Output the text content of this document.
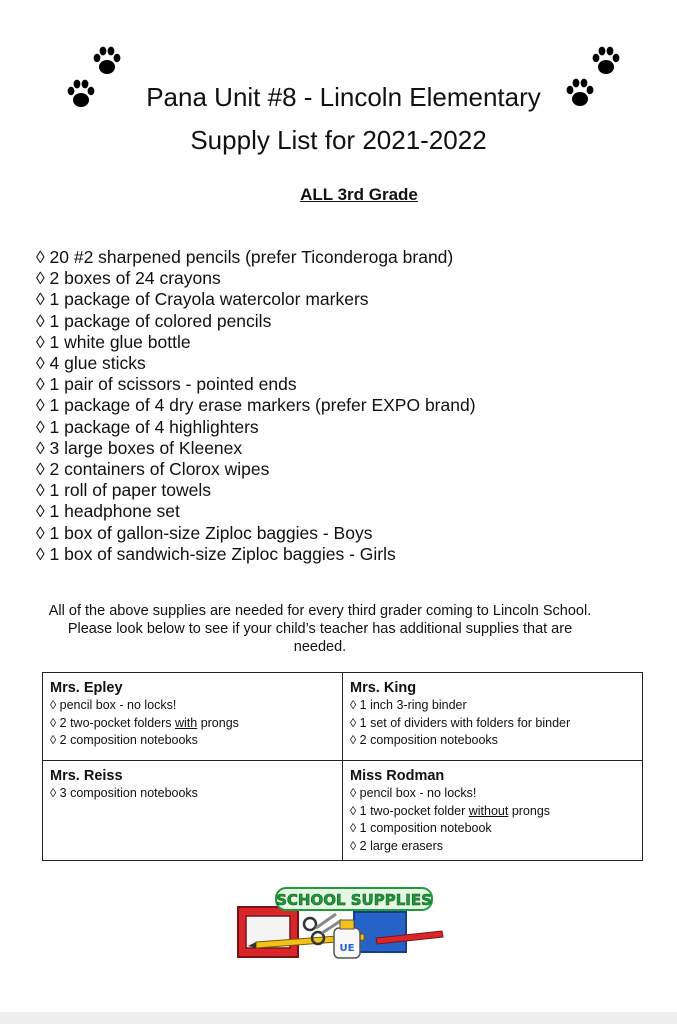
Pana Unit #8 - Lincoln Elementary
Supply List for 2021-2022
ALL 3rd Grade
◊ 20 #2 sharpened pencils (prefer Ticonderoga brand)
◊ 2 boxes of 24 crayons
◊ 1 package of Crayola watercolor markers
◊ 1 package of colored pencils
◊ 1 white glue bottle
◊ 4 glue sticks
◊ 1 pair of scissors - pointed ends
◊ 1 package of 4 dry erase markers (prefer EXPO brand)
◊ 1 package of 4 highlighters
◊ 3 large boxes of Kleenex
◊ 2 containers of Clorox wipes
◊ 1 roll of paper towels
◊ 1 headphone set
◊ 1 box of gallon-size Ziploc baggies - Boys
◊ 1 box of sandwich-size Ziploc baggies - Girls
All of the above supplies are needed for every third grader coming to Lincoln School. Please look below to see if your child’s teacher has additional supplies that are needed.
Mrs. Epley
◊ pencil box - no locks!
◊ 2 two-pocket folders with prongs
◊ 2 composition notebooks
Mrs. King
◊ 1 inch 3-ring binder
◊ 1 set of dividers with folders for binder
◊ 2 composition notebooks
Mrs. Reiss
◊ 3 composition notebooks
Miss Rodman
◊ pencil box - no locks!
◊ 1 two-pocket folder without prongs
◊ 1 composition notebook
◊ 2 large erasers
SCHOOL SUPPLIES
UE
